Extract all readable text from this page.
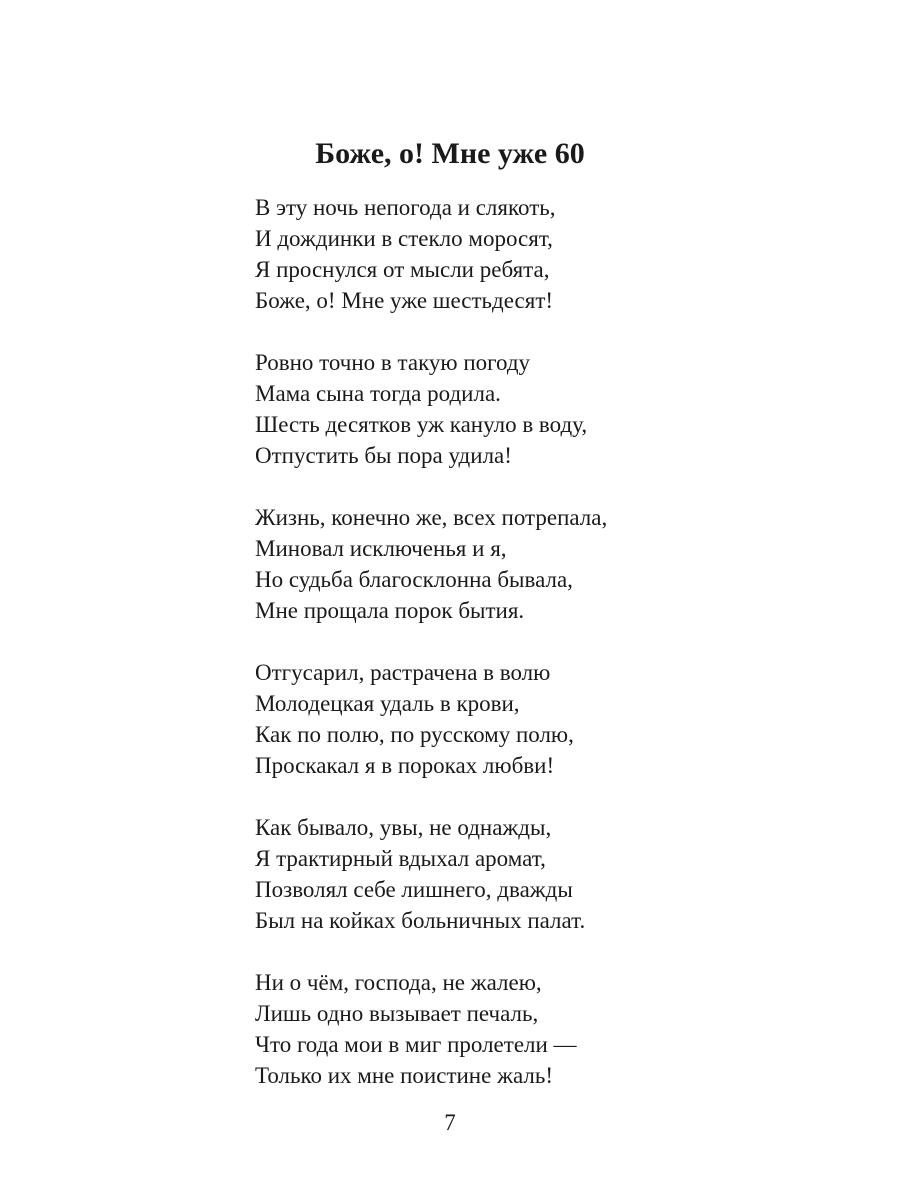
Боже, о! Мне уже 60
В эту ночь непогода и слякоть,
И дождинки в стекло моросят,
Я проснулся от мысли ребята,
Боже, о! Мне уже шестьдесят!
Ровно точно в такую погоду
Мама сына тогда родила.
Шесть десятков уж кануло в воду,
Отпустить бы пора удила!
Жизнь, конечно же, всех потрепала,
Миновал исключенья и я,
Но судьба благосклонна бывала,
Мне прощала порок бытия.
Отгусарил, растрачена в волю
Молодецкая удаль в крови,
Как по полю, по русскому полю,
Проскакал я в пороках любви!
Как бывало, увы, не однажды,
Я трактирный вдыхал аромат,
Позволял себе лишнего, дважды
Был на койках больничных палат.
Ни о чём, господа, не жалею,
Лишь одно вызывает печаль,
Что года мои в миг пролетели —
Только их мне поистине жаль!
7
